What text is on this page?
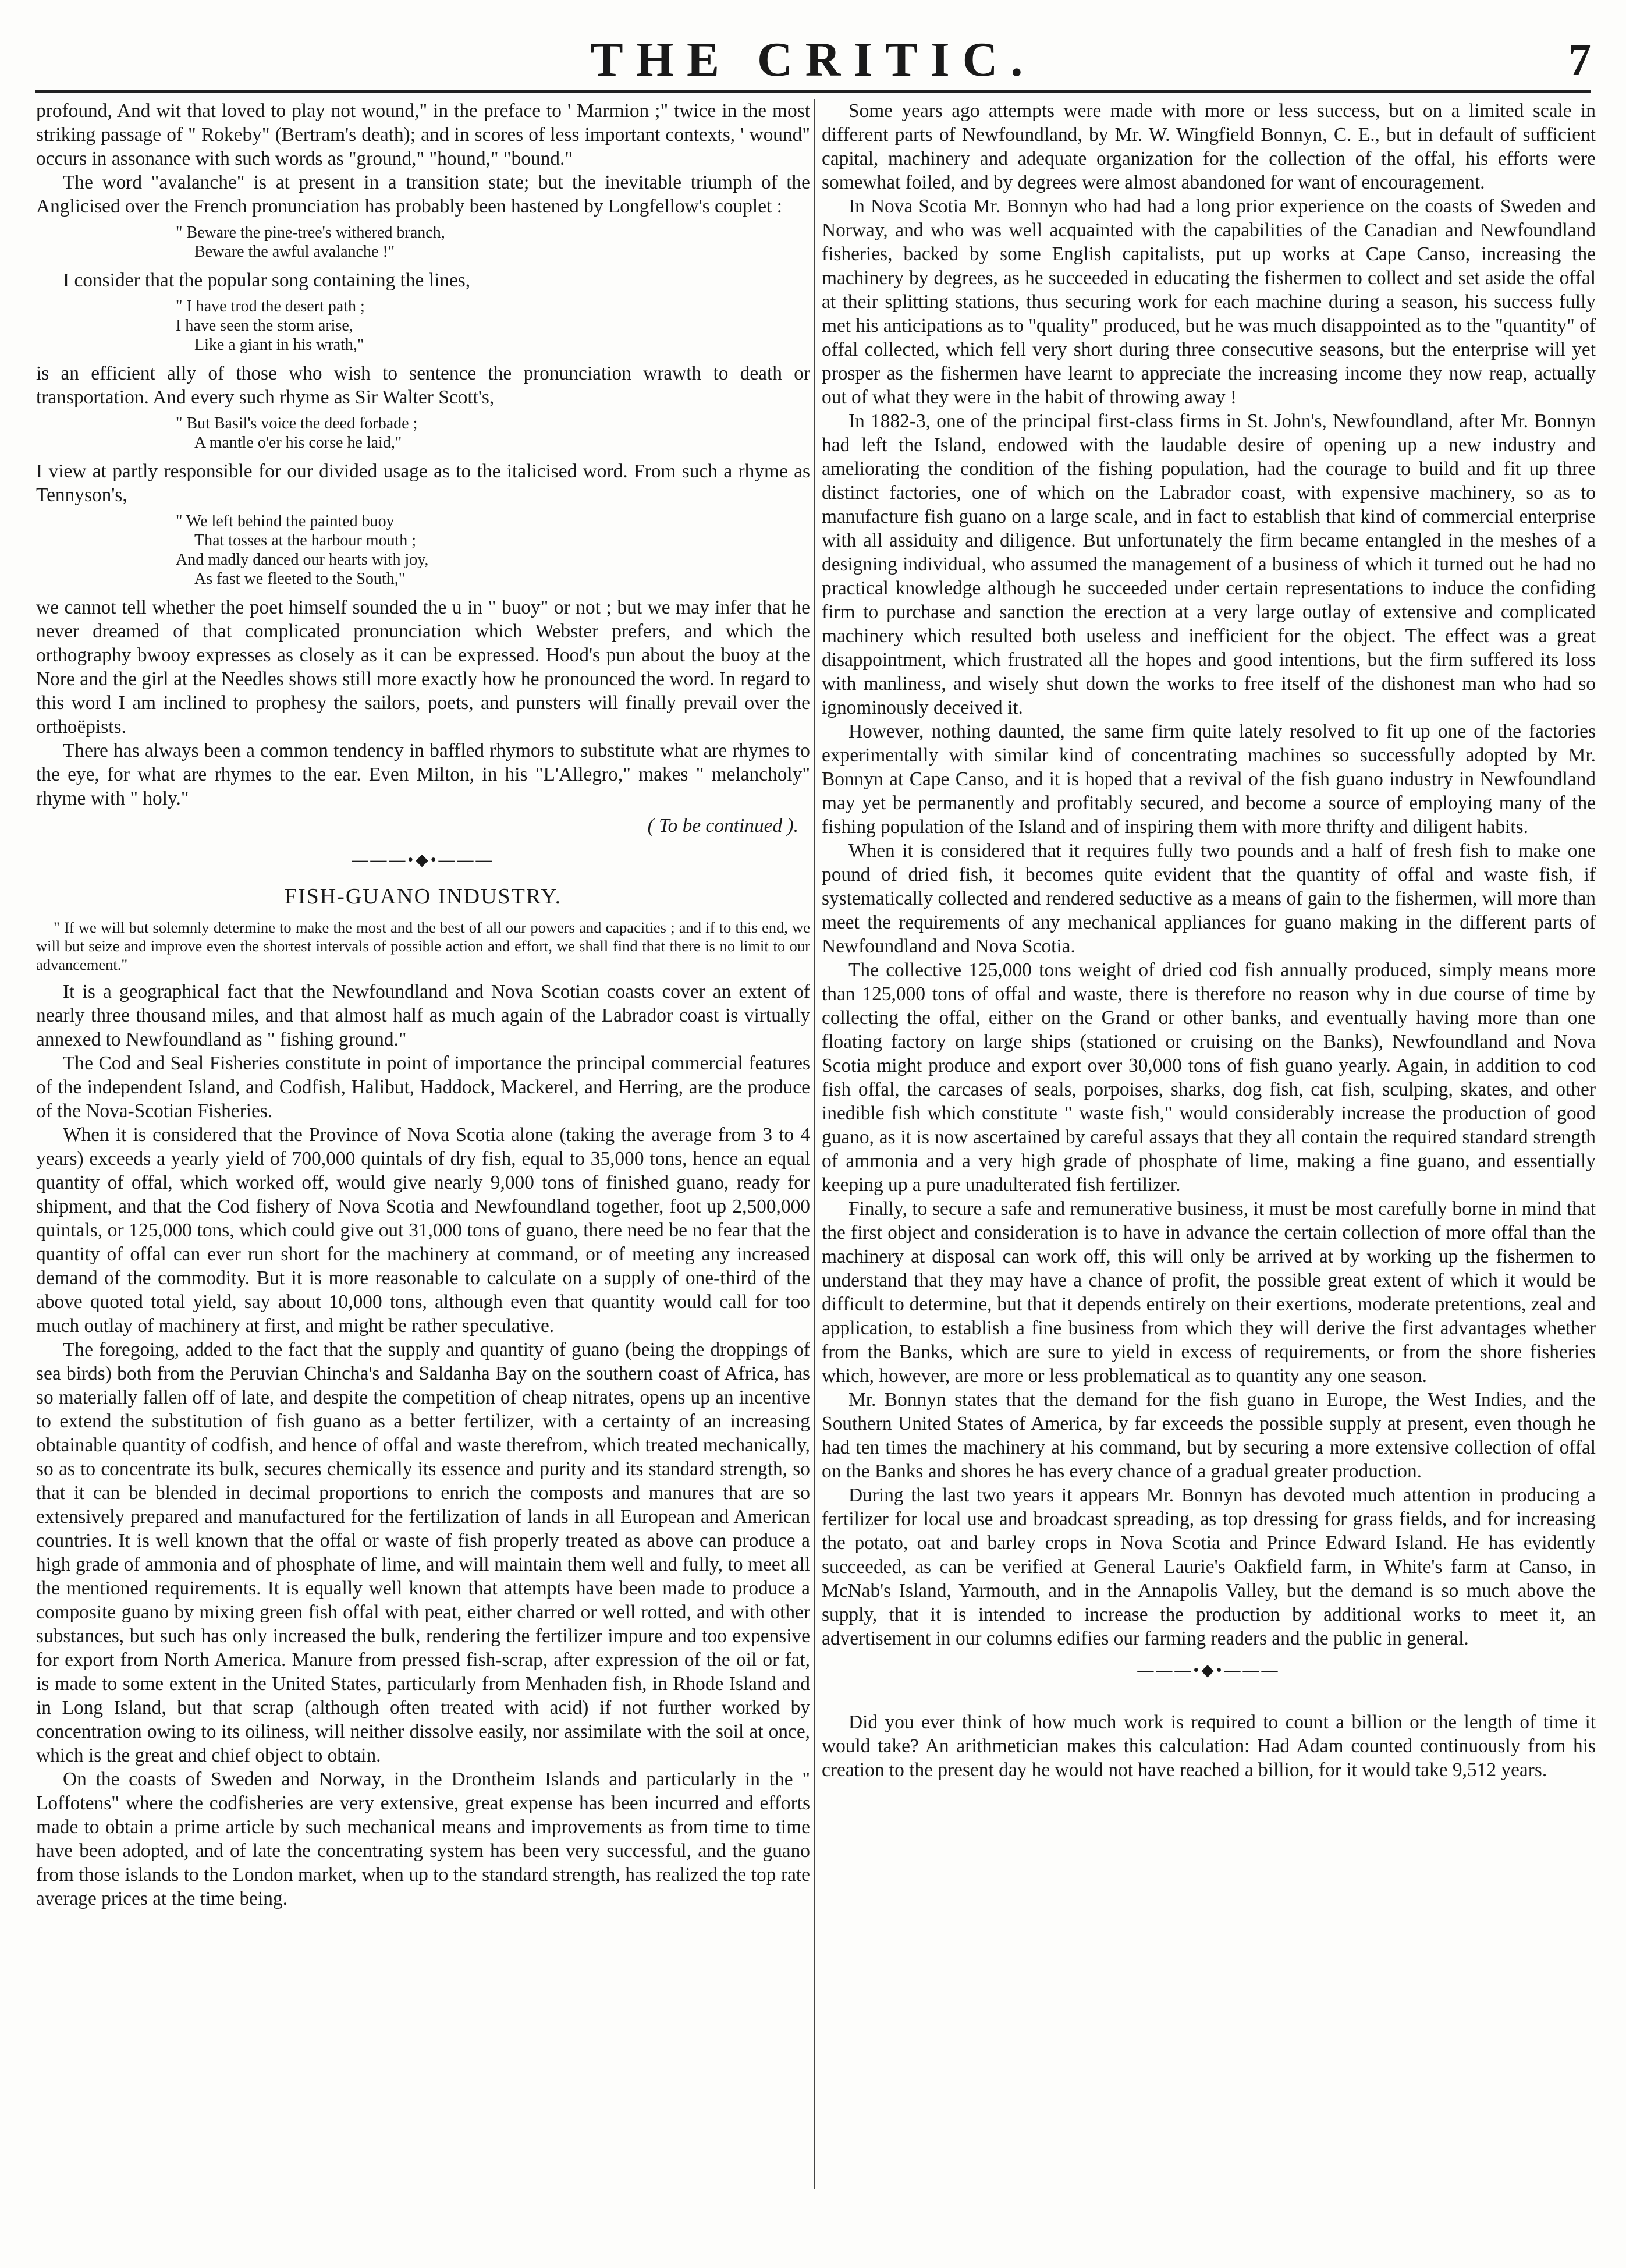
THE CRITIC.	7

profound, And wit that loved to play not wound," in the preface to ' Marmion ;" twice in the most striking passage of " Rokeby" (Bertram's death); and in scores of less important contexts, ' wound" occurs in assonance with such words as "ground," "hound," "bound."

The word "avalanche" is at present in a transition state; but the inevitable triumph of the Anglicised over the French pronunciation has probably been hastened by Longfellow's couplet :

" Beware the pine-tree's withered branch,
Beware the awful avalanche !"

I consider that the popular song containing the lines,

" I have trod the desert path ;
I have seen the storm arise,
Like a giant in his wrath,"

is an efficient ally of those who wish to sentence the pronunciation wrawth to death or transportation. And every such rhyme as Sir Walter Scott's,

" But Basil's voice the deed forbade ;
A mantle o'er his corse he laid,"

I view at partly responsible for our divided usage as to the italicised word. From such a rhyme as Tennyson's,

" We left behind the painted buoy
That tosses at the harbour mouth ;
And madly danced our hearts with joy,
As fast we fleeted to the South,"

we cannot tell whether the poet himself sounded the u in " buoy" or not ; but we may infer that he never dreamed of that complicated pronunciation which Webster prefers, and which the orthography bwooy expresses as closely as it can be expressed. Hood's pun about the buoy at the Nore and the girl at the Needles shows still more exactly how he pronounced the word. In regard to this word I am inclined to prophesy the sailors, poets, and punsters will finally prevail over the orthoëpists.

There has always been a common tendency in baffled rhymors to substitute what are rhymes to the eye, for what are rhymes to the ear. Even Milton, in his "L'Allegro," makes " melancholy" rhyme with " holy."

( To be continued ).
———•◆•———
FISH-GUANO INDUSTRY.

" If we will but solemnly determine to make the most and the best of all our powers and capacities ; and if to this end, we will but seize and improve even the shortest intervals of possible action and effort, we shall find that there is no limit to our advancement."

It is a geographical fact that the Newfoundland and Nova Scotian coasts cover an extent of nearly three thousand miles, and that almost half as much again of the Labrador coast is virtually annexed to Newfoundland as " fishing ground."

The Cod and Seal Fisheries constitute in point of importance the principal commercial features of the independent Island, and Codfish, Halibut, Haddock, Mackerel, and Herring, are the produce of the Nova-Scotian Fisheries.

When it is considered that the Province of Nova Scotia alone (taking the average from 3 to 4 years) exceeds a yearly yield of 700,000 quintals of dry fish, equal to 35,000 tons, hence an equal quantity of offal, which worked off, would give nearly 9,000 tons of finished guano, ready for shipment, and that the Cod fishery of Nova Scotia and Newfoundland together, foot up 2,500,000 quintals, or 125,000 tons, which could give out 31,000 tons of guano, there need be no fear that the quantity of offal can ever run short for the machinery at command, or of meeting any increased demand of the commodity. But it is more reasonable to calculate on a supply of one-third of the above quoted total yield, say about 10,000 tons, although even that quantity would call for too much outlay of machinery at first, and might be rather speculative.

The foregoing, added to the fact that the supply and quantity of guano (being the droppings of sea birds) both from the Peruvian Chincha's and Saldanha Bay on the southern coast of Africa, has so materially fallen off of late, and despite the competition of cheap nitrates, opens up an incentive to extend the substitution of fish guano as a better fertilizer, with a certainty of an increasing obtainable quantity of codfish, and hence of offal and waste therefrom, which treated mechanically, so as to concentrate its bulk, secures chemically its essence and purity and its standard strength, so that it can be blended in decimal proportions to enrich the composts and manures that are so extensively prepared and manufactured for the fertilization of lands in all European and American countries. It is well known that the offal or waste of fish properly treated as above can produce a high grade of ammonia and of phosphate of lime, and will maintain them well and fully, to meet all the mentioned requirements. It is equally well known that attempts have been made to produce a composite guano by mixing green fish offal with peat, either charred or well rotted, and with other substances, but such has only increased the bulk, rendering the fertilizer impure and too expensive for export from North America. Manure from pressed fish-scrap, after expression of the oil or fat, is made to some extent in the United States, particularly from Menhaden fish, in Rhode Island and in Long Island, but that scrap (although often treated with acid) if not further worked by concentration owing to its oiliness, will neither dissolve easily, nor assimilate with the soil at once, which is the great and chief object to obtain.

On the coasts of Sweden and Norway, in the Drontheim Islands and particularly in the " Loffotens" where the codfisheries are very extensive, great expense has been incurred and efforts made to obtain a prime article by such mechanical means and improvements as from time to time have been adopted, and of late the concentrating system has been very successful, and the guano from those islands to the London market, when up to the standard strength, has realized the top rate average prices at the time being.

Some years ago attempts were made with more or less success, but on a limited scale in different parts of Newfoundland, by Mr. W. Wingfield Bonnyn, C. E., but in default of sufficient capital, machinery and adequate organization for the collection of the offal, his efforts were somewhat foiled, and by degrees were almost abandoned for want of encouragement.

In Nova Scotia Mr. Bonnyn who had had a long prior experience on the coasts of Sweden and Norway, and who was well acquainted with the capabilities of the Canadian and Newfoundland fisheries, backed by some English capitalists, put up works at Cape Canso, increasing the machinery by degrees, as he succeeded in educating the fishermen to collect and set aside the offal at their splitting stations, thus securing work for each machine during a season, his success fully met his anticipations as to "quality" produced, but he was much disappointed as to the "quantity" of offal collected, which fell very short during three consecutive seasons, but the enterprise will yet prosper as the fishermen have learnt to appreciate the increasing income they now reap, actually out of what they were in the habit of throwing away !

In 1882-3, one of the principal first-class firms in St. John's, Newfoundland, after Mr. Bonnyn had left the Island, endowed with the laudable desire of opening up a new industry and ameliorating the condition of the fishing population, had the courage to build and fit up three distinct factories, one of which on the Labrador coast, with expensive machinery, so as to manufacture fish guano on a large scale, and in fact to establish that kind of commercial enterprise with all assiduity and diligence. But unfortunately the firm became entangled in the meshes of a designing individual, who assumed the management of a business of which it turned out he had no practical knowledge although he succeeded under certain representations to induce the confiding firm to purchase and sanction the erection at a very large outlay of extensive and complicated machinery which resulted both useless and inefficient for the object. The effect was a great disappointment, which frustrated all the hopes and good intentions, but the firm suffered its loss with manliness, and wisely shut down the works to free itself of the dishonest man who had so ignominously deceived it.

However, nothing daunted, the same firm quite lately resolved to fit up one of the factories experimentally with similar kind of concentrating machines so successfully adopted by Mr. Bonnyn at Cape Canso, and it is hoped that a revival of the fish guano industry in Newfoundland may yet be permanently and profitably secured, and become a source of employing many of the fishing population of the Island and of inspiring them with more thrifty and diligent habits.

When it is considered that it requires fully two pounds and a half of fresh fish to make one pound of dried fish, it becomes quite evident that the quantity of offal and waste fish, if systematically collected and rendered seductive as a means of gain to the fishermen, will more than meet the requirements of any mechanical appliances for guano making in the different parts of Newfoundland and Nova Scotia.

The collective 125,000 tons weight of dried cod fish annually produced, simply means more than 125,000 tons of offal and waste, there is therefore no reason why in due course of time by collecting the offal, either on the Grand or other banks, and eventually having more than one floating factory on large ships (stationed or cruising on the Banks), Newfoundland and Nova Scotia might produce and export over 30,000 tons of fish guano yearly. Again, in addition to cod fish offal, the carcases of seals, porpoises, sharks, dog fish, cat fish, sculping, skates, and other inedible fish which constitute " waste fish," would considerably increase the production of good guano, as it is now ascertained by careful assays that they all contain the required standard strength of ammonia and a very high grade of phosphate of lime, making a fine guano, and essentially keeping up a pure unadulterated fish fertilizer.

Finally, to secure a safe and remunerative business, it must be most carefully borne in mind that the first object and consideration is to have in advance the certain collection of more offal than the machinery at disposal can work off, this will only be arrived at by working up the fishermen to understand that they may have a chance of profit, the possible great extent of which it would be difficult to determine, but that it depends entirely on their exertions, moderate pretentions, zeal and application, to establish a fine business from which they will derive the first advantages whether from the Banks, which are sure to yield in excess of requirements, or from the shore fisheries which, however, are more or less problematical as to quantity any one season.

Mr. Bonnyn states that the demand for the fish guano in Europe, the West Indies, and the Southern United States of America, by far exceeds the possible supply at present, even though he had ten times the machinery at his command, but by securing a more extensive collection of offal on the Banks and shores he has every chance of a gradual greater production.

During the last two years it appears Mr. Bonnyn has devoted much attention in producing a fertilizer for local use and broadcast spreading, as top dressing for grass fields, and for increasing the potato, oat and barley crops in Nova Scotia and Prince Edward Island. He has evidently succeeded, as can be verified at General Laurie's Oakfield farm, in White's farm at Canso, in McNab's Island, Yarmouth, and in the Annapolis Valley, but the demand is so much above the supply, that it is intended to increase the production by additional works to meet it, an advertisement in our columns edifies our farming readers and the public in general.

———•◆•———

Did you ever think of how much work is required to count a billion or the length of time it would take? An arithmetician makes this calculation: Had Adam counted continuously from his creation to the present day he would not have reached a billion, for it would take 9,512 years.
